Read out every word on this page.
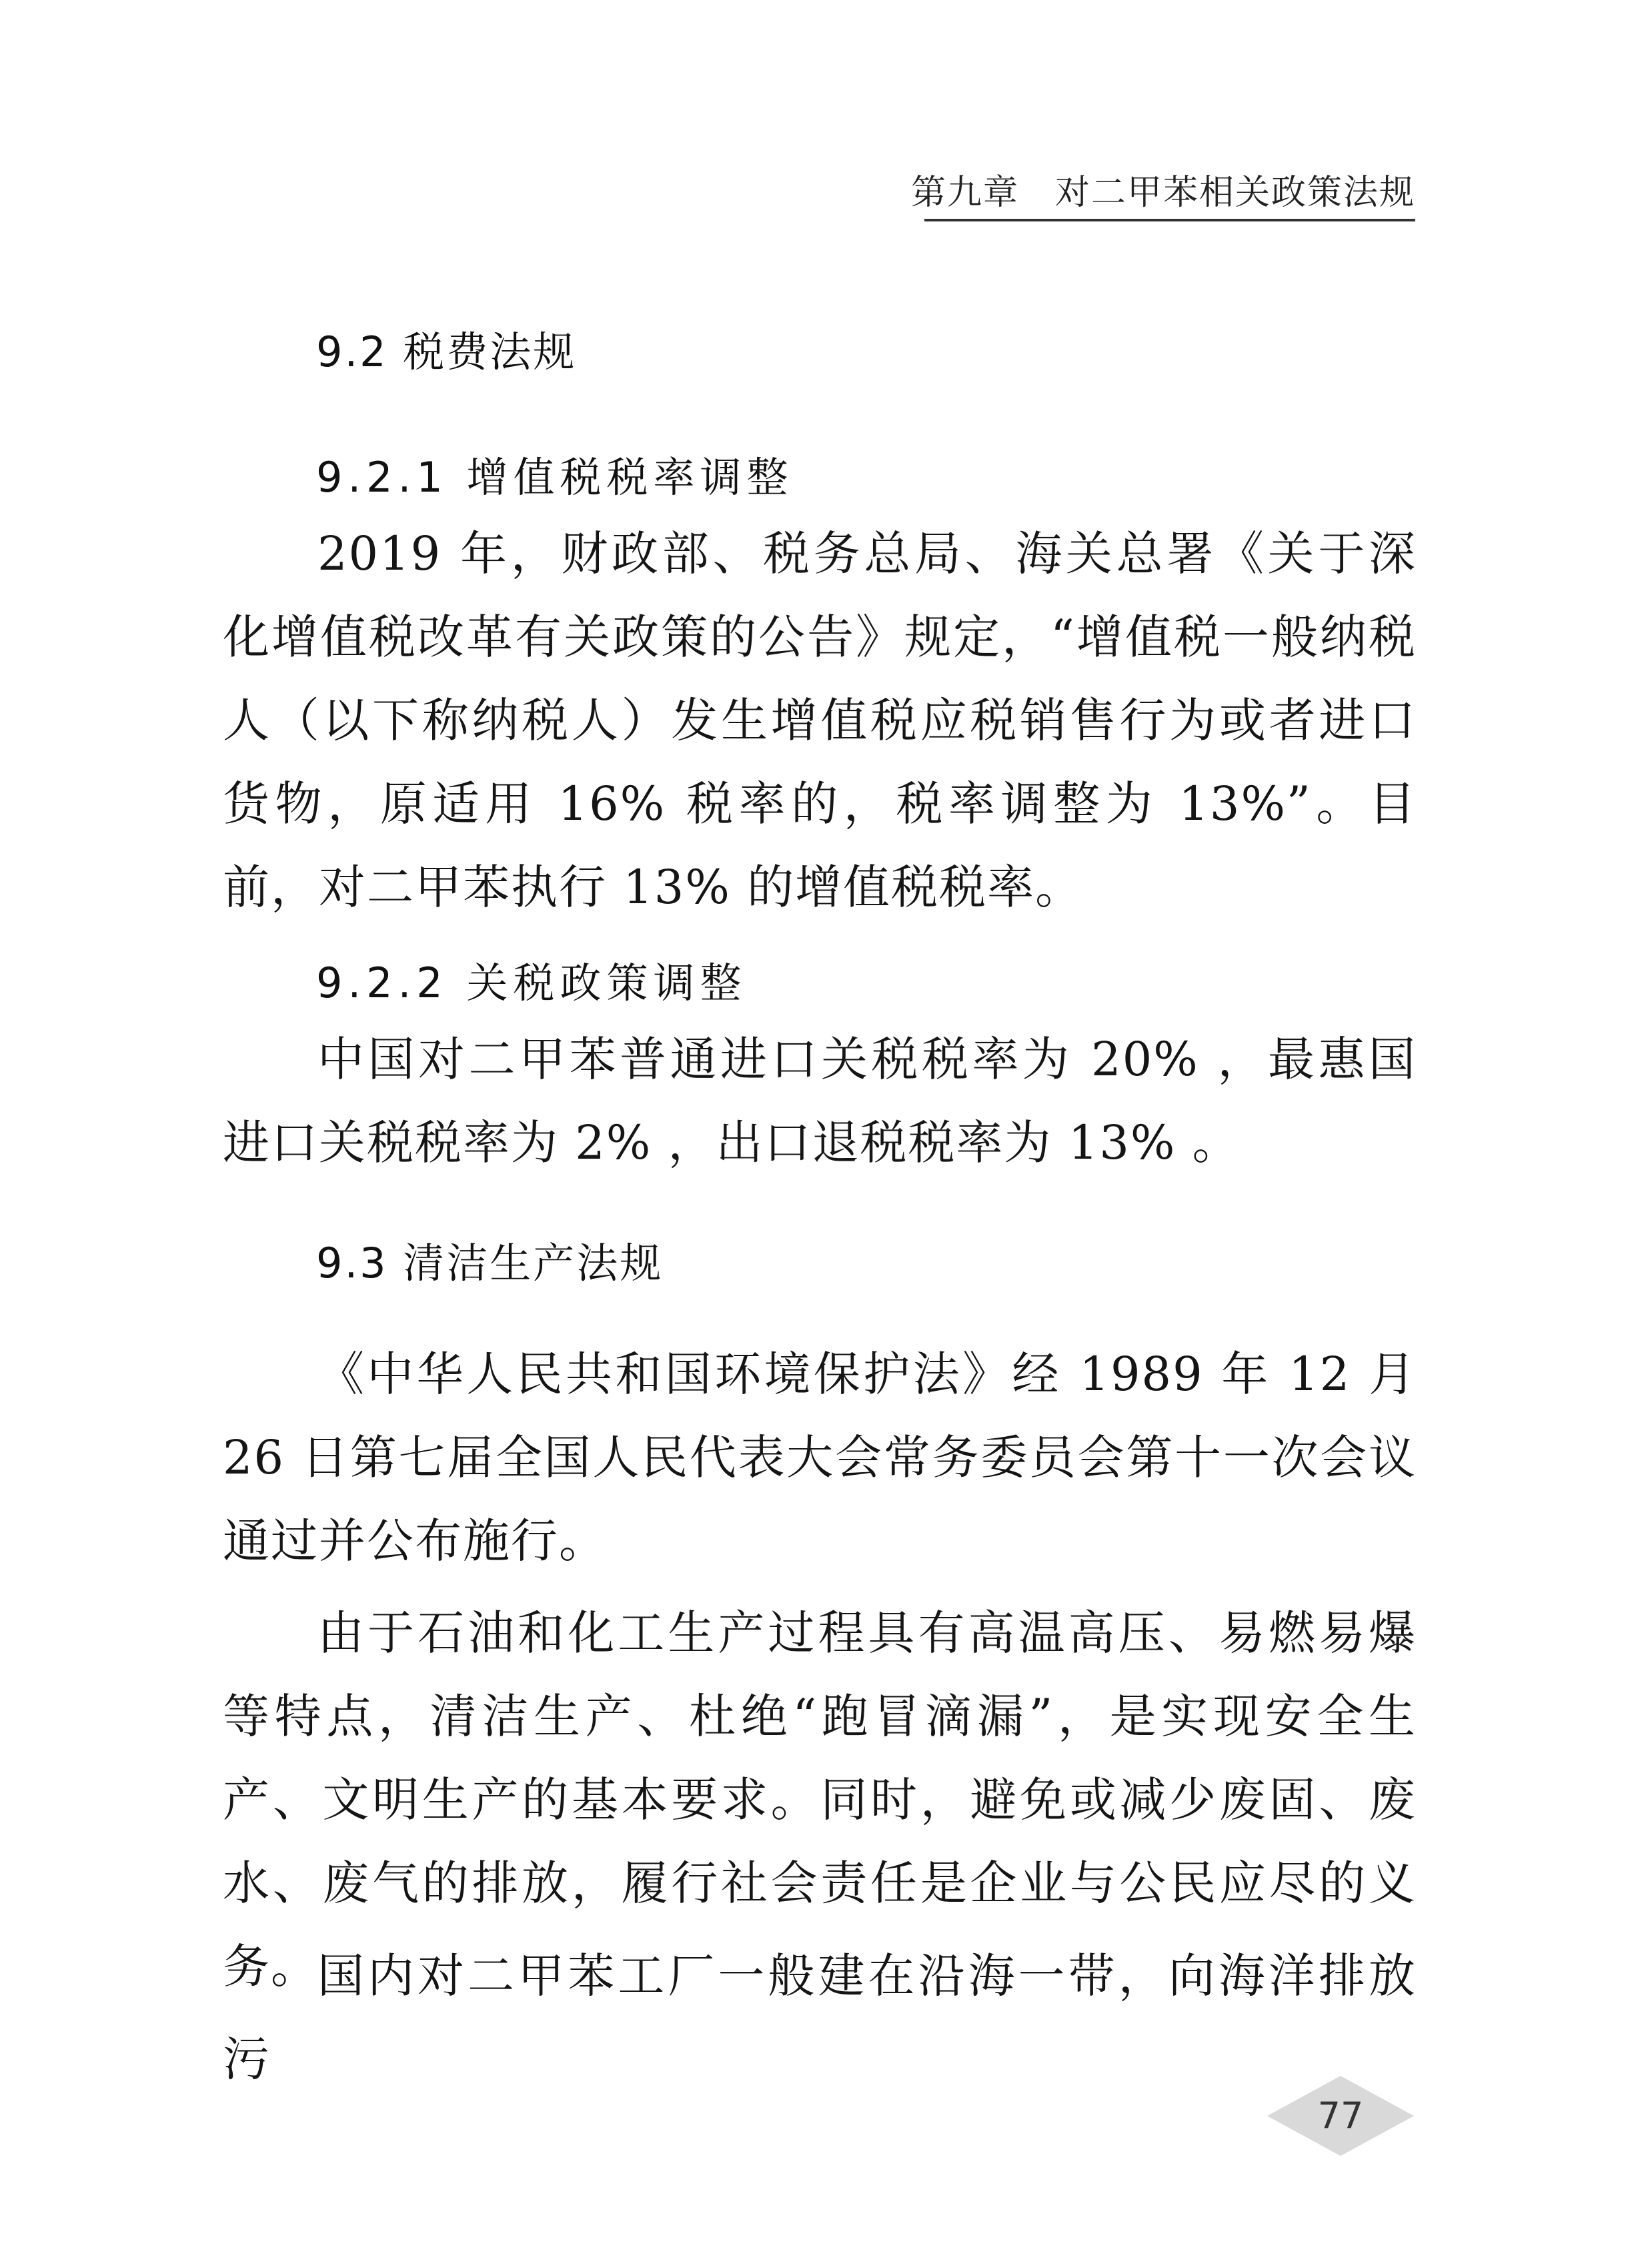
第九章　对二甲苯相关政策法规
9.2 税费法规
9.2.1 增值税税率调整

2019 年，财政部、税务总局、海关总署《关于深化增值税改革有关政策的公告》规定，“增值税一般纳税人（以下称纳税人）发生增值税应税销售行为或者进口货物，原适用 16% 税率的，税率调整为 13%”。目前，对二甲苯执行 13% 的增值税税率。

9.2.2 关税政策调整

中国对二甲苯普通进口关税税率为 20% ，最惠国进口关税税率为 2% ，出口退税税率为 13% 。

9.3 清洁生产法规

《中华人民共和国环境保护法》经 1989 年 12 月 26 日第七届全国人民代表大会常务委员会第十一次会议通过并公布施行。

由于石油和化工生产过程具有高温高压、易燃易爆等特点，清洁生产、杜绝“跑冒滴漏”，是实现安全生产、文明生产的基本要求。同时，避免或减少废固、废水、废气的排放，履行社会责任是企业与公民应尽的义务。

国内对二甲苯工厂一般建在沿海一带，向海洋排放污

77
